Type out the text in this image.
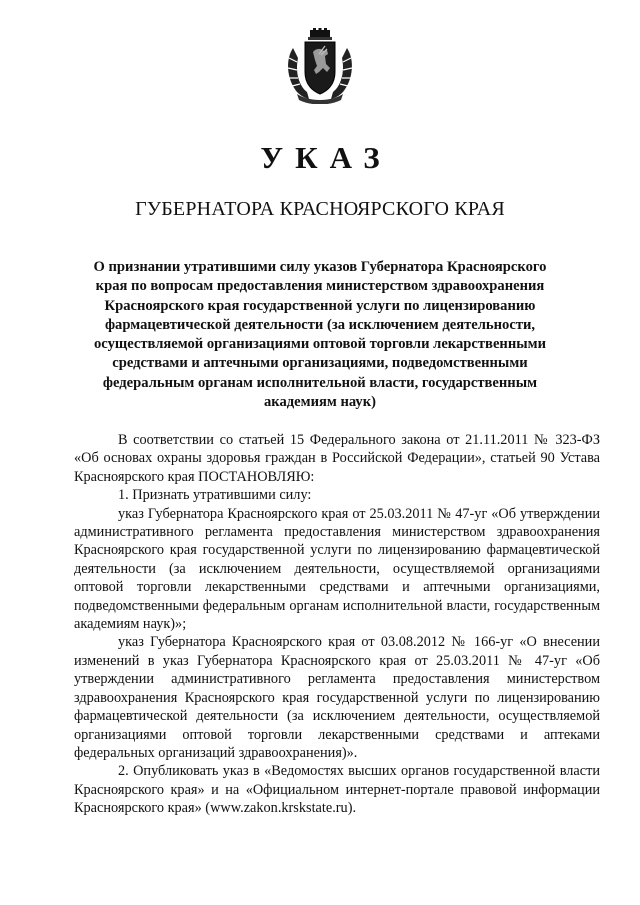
УКАЗ
ГУБЕРНАТОРА КРАСНОЯРСКОГО КРАЯ

О признании утратившими силу указов Губернатора Красноярского края по вопросам предоставления министерством здравоохранения Красноярского края государственной услуги по лицензированию фармацевтической деятельности (за исключением деятельности, осуществляемой организациями оптовой торговли лекарственными средствами и аптечными организациями, подведомственными федеральным органам исполнительной власти, государственным академиям наук)

В соответствии со статьей 15 Федерального закона от 21.11.2011 № 323-ФЗ «Об основах охраны здоровья граждан в Российской Федерации», статьей 90 Устава Красноярского края ПОСТАНОВЛЯЮ:

1. Признать утратившими силу:

указ Губернатора Красноярского края от 25.03.2011 № 47-уг «Об утверждении административного регламента предоставления министерством здравоохранения Красноярского края государственной услуги по лицензированию фармацевтической деятельности (за исключением деятельности, осуществляемой организациями оптовой торговли лекарственными средствами и аптечными организациями, подведомственными федеральным органам исполнительной власти, государственным академиям наук)»;

указ Губернатора Красноярского края от 03.08.2012 № 166-уг «О внесении изменений в указ Губернатора Красноярского края от 25.03.2011 № 47-уг «Об утверждении административного регламента предоставления министерством здравоохранения Красноярского края государственной услуги по лицензированию фармацевтической деятельности (за исключением деятельности, осуществляемой организациями оптовой торговли лекарственными средствами и аптеками федеральных организаций здравоохранения)».

2. Опубликовать указ в «Ведомостях высших органов государственной власти Красноярского края» и на «Официальном интернет-портале правовой информации Красноярского края» (www.zakon.krskstate.ru).
